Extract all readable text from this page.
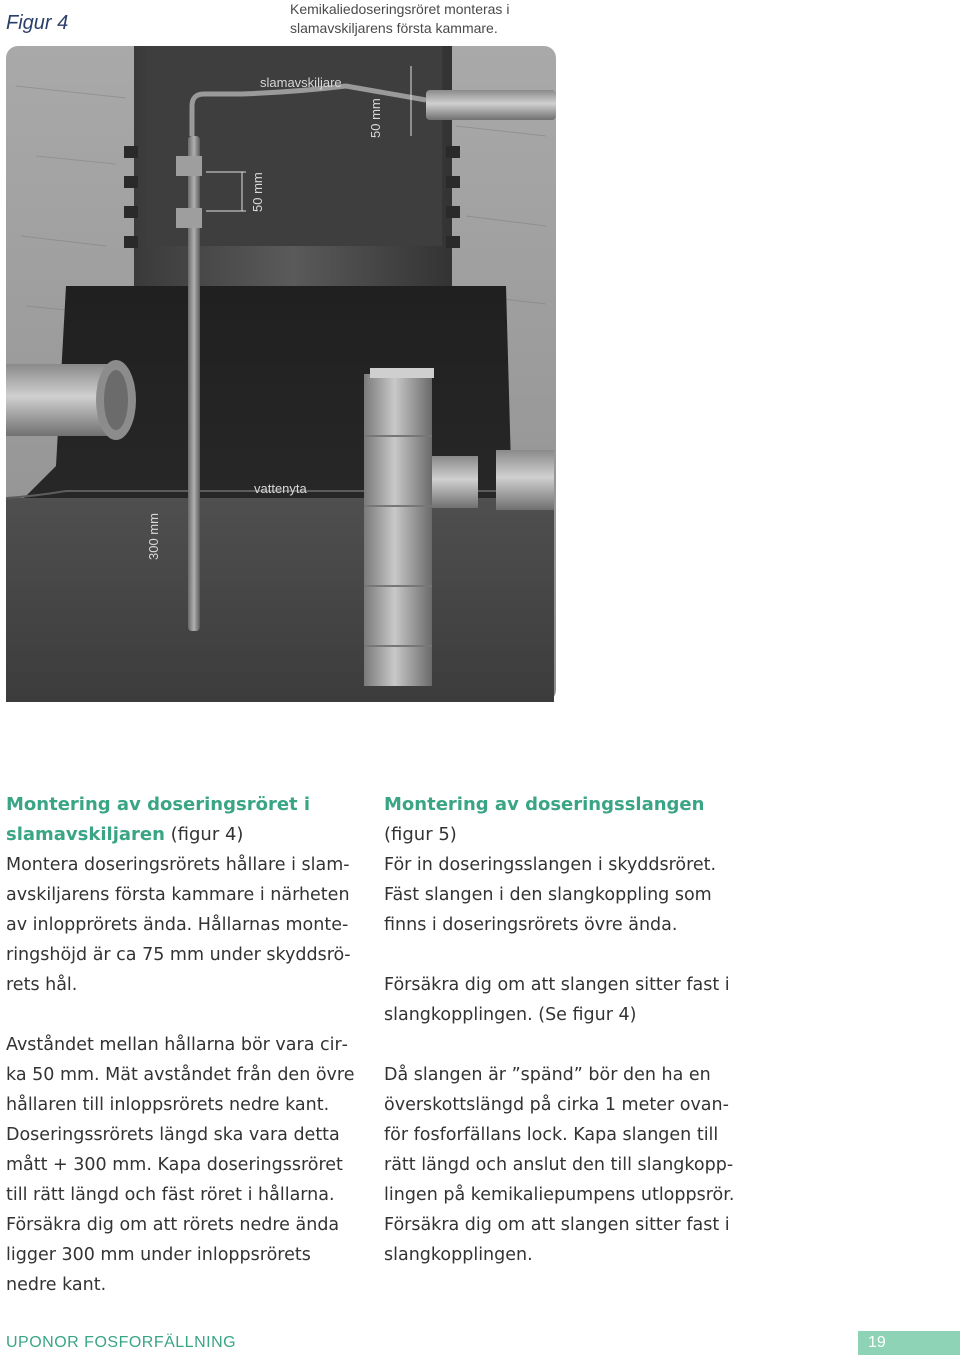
Figur 4
Kemikaliedoseringsröret monteras i slamavskiljarens första kammare.
slamavskiljare
50 mm
50 mm
vattenyta
300 mm

Montering av doseringsröret i slamavskiljaren (figur 4)

Montera doseringsrörets hållare i slamavskiljarens första kammare i närheten av inlopprörets ända. Hållarnas monteringshöjd är ca 75 mm under skyddsrörets hål.

Avståndet mellan hållarna bör vara cirka 50 mm. Mät avståndet från den övre hållaren till inloppsrörets nedre kant. Doseringssrörets längd ska vara detta mått + 300 mm. Kapa doseringssröret till rätt längd och fäst röret i hållarna. Försäkra dig om att rörets nedre ända ligger 300 mm under inloppsrörets nedre kant.

Montering av doseringsslangen

(figur 5)

För in doseringsslangen i skyddsröret. Fäst slangen i den slangkoppling som finns i doseringsrörets övre ända.

Försäkra dig om att slangen sitter fast i slangkopplingen. (Se figur 4)

Då slangen är ”spänd” bör den ha en överskottslängd på cirka 1 meter ovanför fosforfällans lock. Kapa slangen till rätt längd och anslut den till slangkopplingen på kemikaliepumpens utloppsrör. Försäkra dig om att slangen sitter fast i slangkopplingen.

UPONOR FOSFORFÄLLNING	19
